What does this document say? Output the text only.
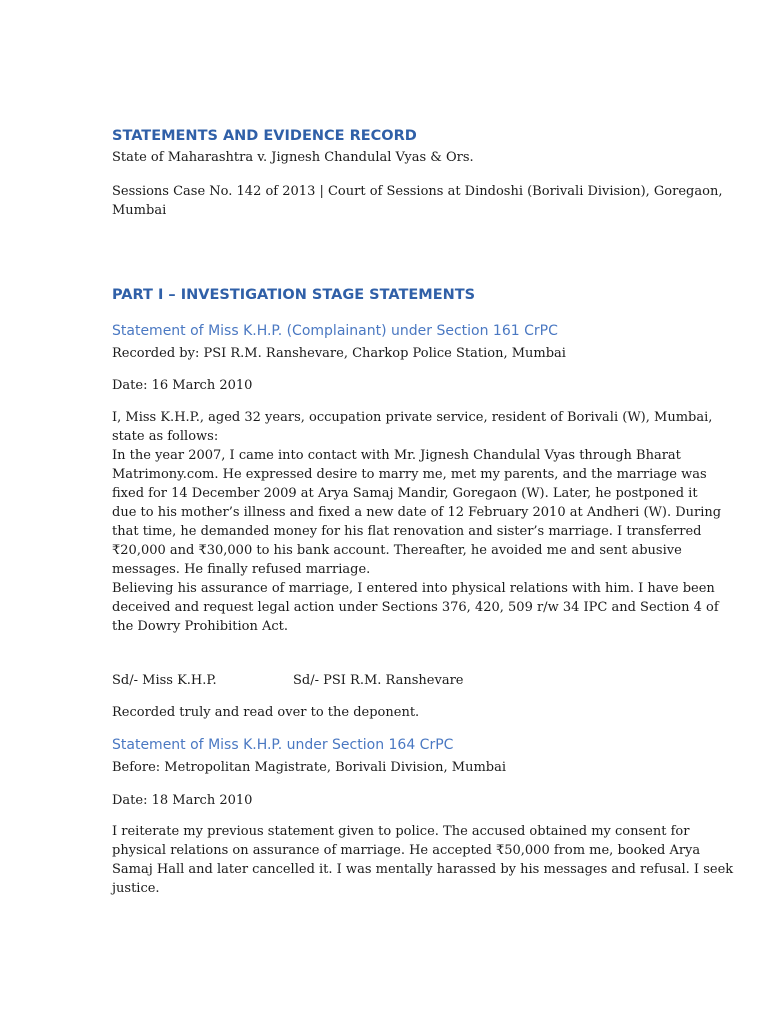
STATEMENTS AND EVIDENCE RECORD
State of Maharashtra v. Jignesh Chandulal Vyas & Ors.
Sessions Case No. 142 of 2013 | Court of Sessions at Dindoshi (Borivali Division), Goregaon,
Mumbai
PART I – INVESTIGATION STAGE STATEMENTS
Statement of Miss K.H.P. (Complainant) under Section 161 CrPC
Recorded by: PSI R.M. Ranshevare, Charkop Police Station, Mumbai
Date: 16 March 2010
I, Miss K.H.P., aged 32 years, occupation private service, resident of Borivali (W), Mumbai,
state as follows:
In the year 2007, I came into contact with Mr. Jignesh Chandulal Vyas through Bharat
Matrimony.com. He expressed desire to marry me, met my parents, and the marriage was
fixed for 14 December 2009 at Arya Samaj Mandir, Goregaon (W). Later, he postponed it
due to his mother’s illness and fixed a new date of 12 February 2010 at Andheri (W). During
that time, he demanded money for his flat renovation and sister’s marriage. I transferred
₹20,000 and ₹30,000 to his bank account. Thereafter, he avoided me and sent abusive
messages. He finally refused marriage.
Believing his assurance of marriage, I entered into physical relations with him. I have been
deceived and request legal action under Sections 376, 420, 509 r/w 34 IPC and Section 4 of
the Dowry Prohibition Act.
Sd/- Miss K.H.P.	Sd/- PSI R.M. Ranshevare
Recorded truly and read over to the deponent.
Statement of Miss K.H.P. under Section 164 CrPC
Before: Metropolitan Magistrate, Borivali Division, Mumbai
Date: 18 March 2010
I reiterate my previous statement given to police. The accused obtained my consent for
physical relations on assurance of marriage. He accepted ₹50,000 from me, booked Arya
Samaj Hall and later cancelled it. I was mentally harassed by his messages and refusal. I seek
justice.
